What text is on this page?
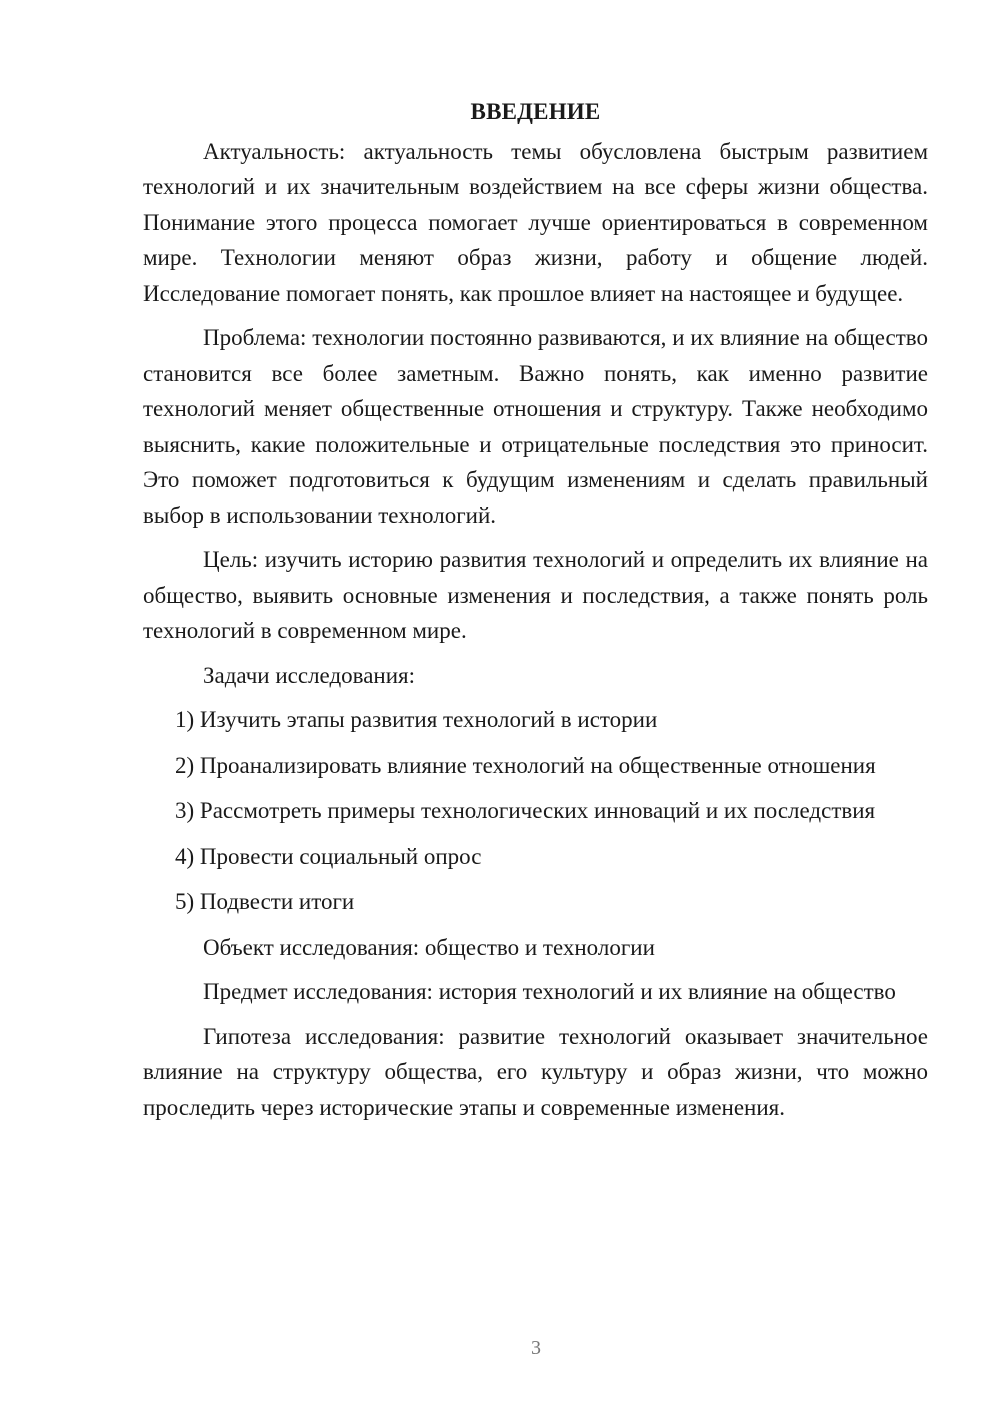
ВВЕДЕНИЕ

Актуальность: актуальность темы обусловлена быстрым развитием технологий и их значительным воздействием на все сферы жизни общества. Понимание этого процесса помогает лучше ориентироваться в современном мире. Технологии меняют образ жизни, работу и общение людей. Исследование помогает понять, как прошлое влияет на настоящее и будущее.

Проблема: технологии постоянно развиваются, и их влияние на общество становится все более заметным. Важно понять, как именно развитие технологий меняет общественные отношения и структуру. Также необходимо выяснить, какие положительные и отрицательные последствия это приносит. Это поможет подготовиться к будущим изменениям и сделать правильный выбор в использовании технологий.

Цель: изучить историю развития технологий и определить их влияние на общество, выявить основные изменения и последствия, а также понять роль технологий в современном мире.

Задачи исследования:

1) Изучить этапы развития технологий в истории

2) Проанализировать влияние технологий на общественные отношения

3) Рассмотреть примеры технологических инноваций и их последствия

4) Провести социальный опрос

5) Подвести итоги

Объект исследования: общество и технологии

Предмет исследования: история технологий и их влияние на общество

Гипотеза исследования: развитие технологий оказывает значительное влияние на структуру общества, его культуру и образ жизни, что можно проследить через исторические этапы и современные изменения.

3
